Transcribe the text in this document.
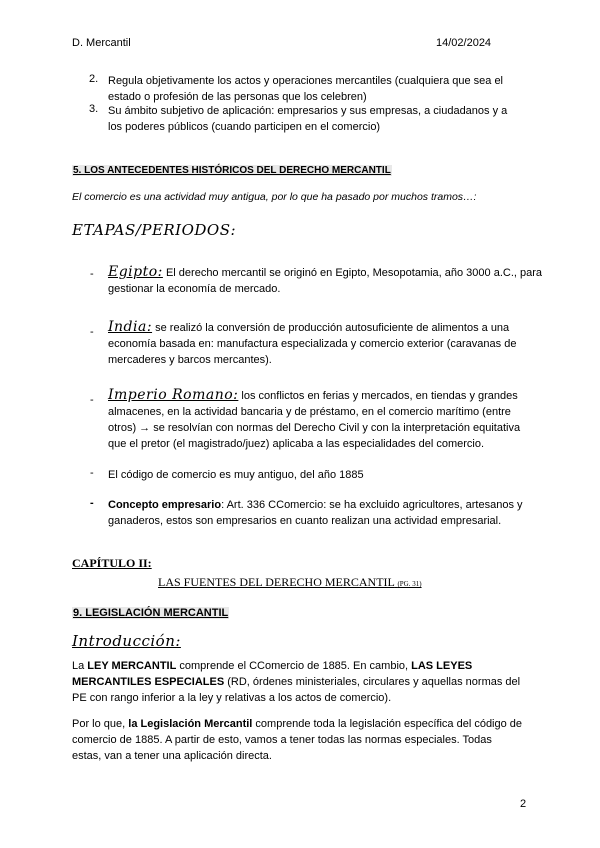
D. Mercantil	14/02/2024
2. Regula objetivamente los actos y operaciones mercantiles (cualquiera que sea el
estado o profesión de las personas que los celebren)
3. Su ámbito subjetivo de aplicación: empresarios y sus empresas, a ciudadanos y a
los poderes públicos (cuando participen en el comercio)
5. LOS ANTECEDENTES HISTÓRICOS DEL DERECHO MERCANTIL
El comercio es una actividad muy antigua, por lo que ha pasado por muchos tramos…:
ETAPAS/PERIODOS:
- Egipto: El derecho mercantil se originó en Egipto, Mesopotamia, año 3000 a.C., para
gestionar la economía de mercado.
- India: se realizó la conversión de producción autosuficiente de alimentos a una
economía basada en: manufactura especializada y comercio exterior (caravanas de
mercaderes y barcos mercantes).
- Imperio Romano: los conflictos en ferias y mercados, en tiendas y grandes
almacenes, en la actividad bancaria y de préstamo, en el comercio marítimo (entre
otros) → se resolvían con normas del Derecho Civil y con la interpretación equitativa
que el pretor (el magistrado/juez) aplicaba a las especialidades del comercio.
- El código de comercio es muy antiguo, del año 1885
- Concepto empresario: Art. 336 CComercio: se ha excluido agricultores, artesanos y
ganaderos, estos son empresarios en cuanto realizan una actividad empresarial.
CAPÍTULO II:
LAS FUENTES DEL DERECHO MERCANTIL (PG. 31)
9. LEGISLACIÓN MERCANTIL
Introducción:
La LEY MERCANTIL comprende el CComercio de 1885. En cambio, LAS LEYES
MERCANTILES ESPECIALES (RD, órdenes ministeriales, circulares y aquellas normas del
PE con rango inferior a la ley y relativas a los actos de comercio).
Por lo que, la Legislación Mercantil comprende toda la legislación específica del código de
comercio de 1885. A partir de esto, vamos a tener todas las normas especiales. Todas
estas, van a tener una aplicación directa.
2
